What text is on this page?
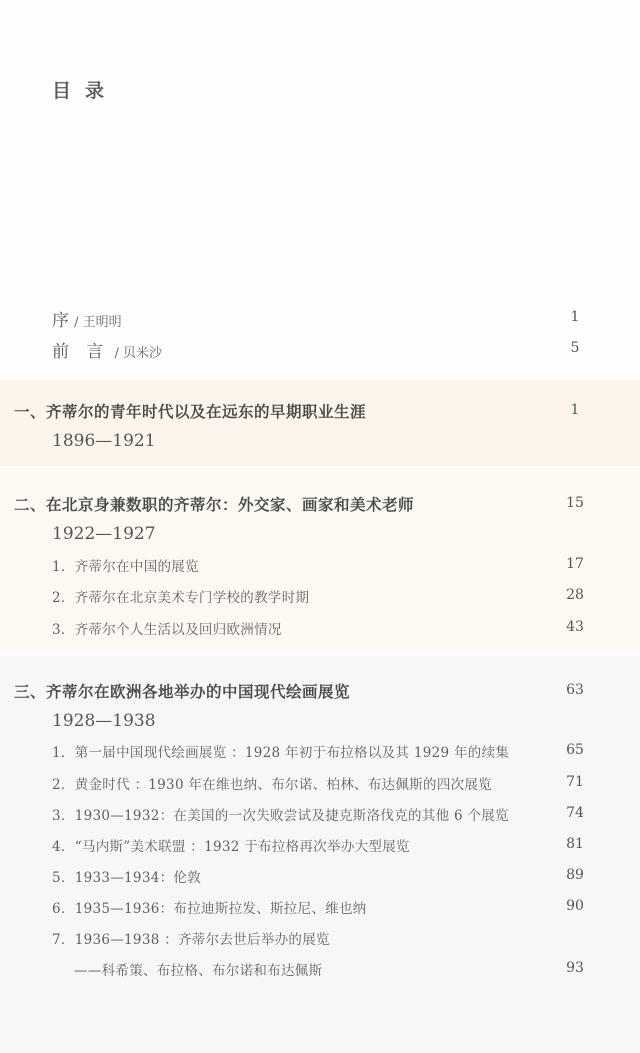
目录
序 / 王明明	1
前 言 / 贝米沙	5
一、齐蒂尔的青年时代以及在远东的早期职业生涯	1
1896—1921
二、在北京身兼数职的齐蒂尔：外交家、画家和美术老师	15
1922—1927
1．齐蒂尔在中国的展览	17
2．齐蒂尔在北京美术专门学校的教学时期	28
3．齐蒂尔个人生活以及回归欧洲情况	43
三、齐蒂尔在欧洲各地举办的中国现代绘画展览	63
1928—1938
1．第一届中国现代绘画展览 ：1928 年初于布拉格以及其 1929 年的续集	65
2．黄金时代 ：1930 年在维也纳、布尔诺、柏林、布达佩斯的四次展览	71
3．1930—1932：在美国的一次失败尝试及捷克斯洛伐克的其他 6 个展览	74
4．“马内斯”美术联盟 ：1932 于布拉格再次举办大型展览	81
5．1933—1934：伦敦	89
6．1935—1936：布拉迪斯拉发、斯拉尼、维也纳	90
7．1936—1938 ：齐蒂尔去世后举办的展览
——科希策、布拉格、布尔诺和布达佩斯	93
